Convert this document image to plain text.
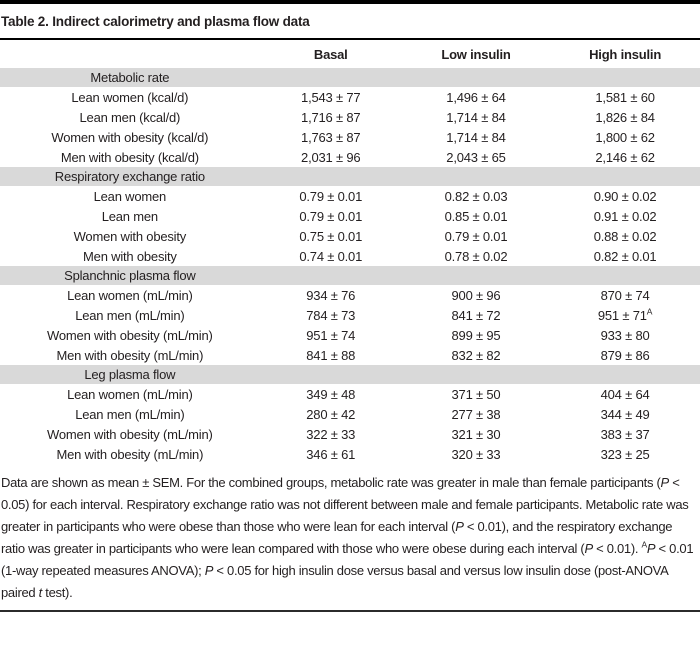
Table 2. Indirect calorimetry and plasma flow data
	Basal	Low insulin	High insulin
Metabolic rate			
Lean women (kcal/d)	1,543 ± 77	1,496 ± 64	1,581 ± 60
Lean men (kcal/d)	1,716 ± 87	1,714 ± 84	1,826 ± 84
Women with obesity (kcal/d)	1,763 ± 87	1,714 ± 84	1,800 ± 62
Men with obesity (kcal/d)	2,031 ± 96	2,043 ± 65	2,146 ± 62
Respiratory exchange ratio			
Lean women	0.79 ± 0.01	0.82 ± 0.03	0.90 ± 0.02
Lean men	0.79 ± 0.01	0.85 ± 0.01	0.91 ± 0.02
Women with obesity	0.75 ± 0.01	0.79 ± 0.01	0.88 ± 0.02
Men with obesity	0.74 ± 0.01	0.78 ± 0.02	0.82 ± 0.01
Splanchnic plasma flow			
Lean women (mL/min)	934 ± 76	900 ± 96	870 ± 74
Lean men (mL/min)	784 ± 73	841 ± 72	$951 \pm 71^A$
Women with obesity (mL/min)	951 ± 74	899 ± 95	933 ± 80
Men with obesity (mL/min)	841 ± 88	832 ± 82	879 ± 86
Leg plasma flow			
Lean women (mL/min)	349 ± 48	371 ± 50	404 ± 64
Lean men (mL/min)	280 ± 42	277 ± 38	344 ± 49
Women with obesity (mL/min)	322 ± 33	321 ± 30	383 ± 37
Men with obesity (mL/min)	346 ± 61	320 ± 33	323 ± 25
Data are shown as mean ± SEM. For the combined groups, metabolic rate was greater in male than female participants (P < 0.05) for each interval. Respiratory exchange ratio was not different between male and female participants. Metabolic rate was greater in participants who were obese than those who were lean for each interval (P < 0.01), and the respiratory exchange ratio was greater in participants who were lean compared with those who were obese during each interval (P < 0.01). $^A$P < 0.01 (1-way repeated measures ANOVA); P < 0.05 for high insulin dose versus basal and versus low insulin dose (post-ANOVA paired t test).
